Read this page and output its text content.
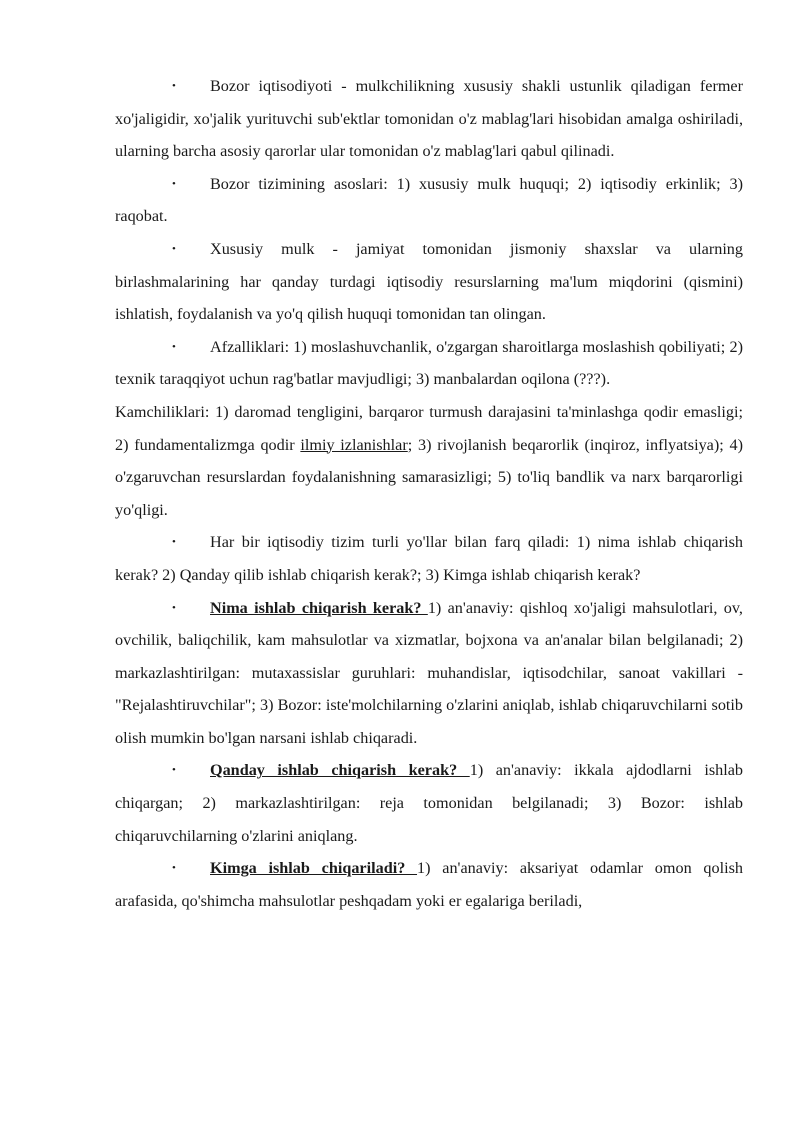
• Bozor iqtisodiyoti - mulkchilikning xususiy shakli ustunlik qiladigan fermer xo'jaligidir, xo'jalik yurituvchi sub'ektlar tomonidan o'z mablag'lari hisobidan amalga oshiriladi, ularning barcha asosiy qarorlar ular tomonidan o'z mablag'lari qabul qilinadi.

• Bozor tizimining asoslari: 1) xususiy mulk huquqi; 2) iqtisodiy erkinlik; 3) raqobat.

• Xususiy mulk - jamiyat tomonidan jismoniy shaxslar va ularning birlashmalarining har qanday turdagi iqtisodiy resurslarning ma'lum miqdorini (qismini) ishlatish, foydalanish va yo'q qilish huquqi tomonidan tan olingan.

• Afzalliklari: 1) moslashuvchanlik, o'zgargan sharoitlarga moslashish qobiliyati; 2) texnik taraqqiyot uchun rag'batlar mavjudligi; 3) manbalardan oqilona (???).

Kamchiliklari: 1) daromad tengligini, barqaror turmush darajasini ta'minlashga qodir emasligi; 2) fundamentalizmga qodir ilmiy izlanishlar; 3) rivojlanish beqarorlik (inqiroz, inflyatsiya); 4) o'zgaruvchan resurslardan foydalanishning samarasizligi; 5) to'liq bandlik va narx barqarorligi yo'qligi.

• Har bir iqtisodiy tizim turli yo'llar bilan farq qiladi: 1) nima ishlab chiqarish kerak? 2) Qanday qilib ishlab chiqarish kerak?; 3) Kimga ishlab chiqarish kerak?

• Nima ishlab chiqarish kerak? 1) an'anaviy: qishloq xo'jaligi mahsulotlari, ov, ovchilik, baliqchilik, kam mahsulotlar va xizmatlar, bojxona va an'analar bilan belgilanadi; 2) markazlashtirilgan: mutaxassislar guruhlari: muhandislar, iqtisodchilar, sanoat vakillari - "Rejalashtiruvchilar"; 3) Bozor: iste'molchilarning o'zlarini aniqlab, ishlab chiqaruvchilarni sotib olish mumkin bo'lgan narsani ishlab chiqaradi.

• Qanday ishlab chiqarish kerak? 1) an'anaviy: ikkala ajdodlarni ishlab chiqargan; 2) markazlashtirilgan: reja tomonidan belgilanadi; 3) Bozor: ishlab chiqaruvchilarning o'zlarini aniqlang.

• Kimga ishlab chiqariladi? 1) an'anaviy: aksariyat odamlar omon qolish arafasida, qo'shimcha mahsulotlar peshqadam yoki er egalariga beriladi,
